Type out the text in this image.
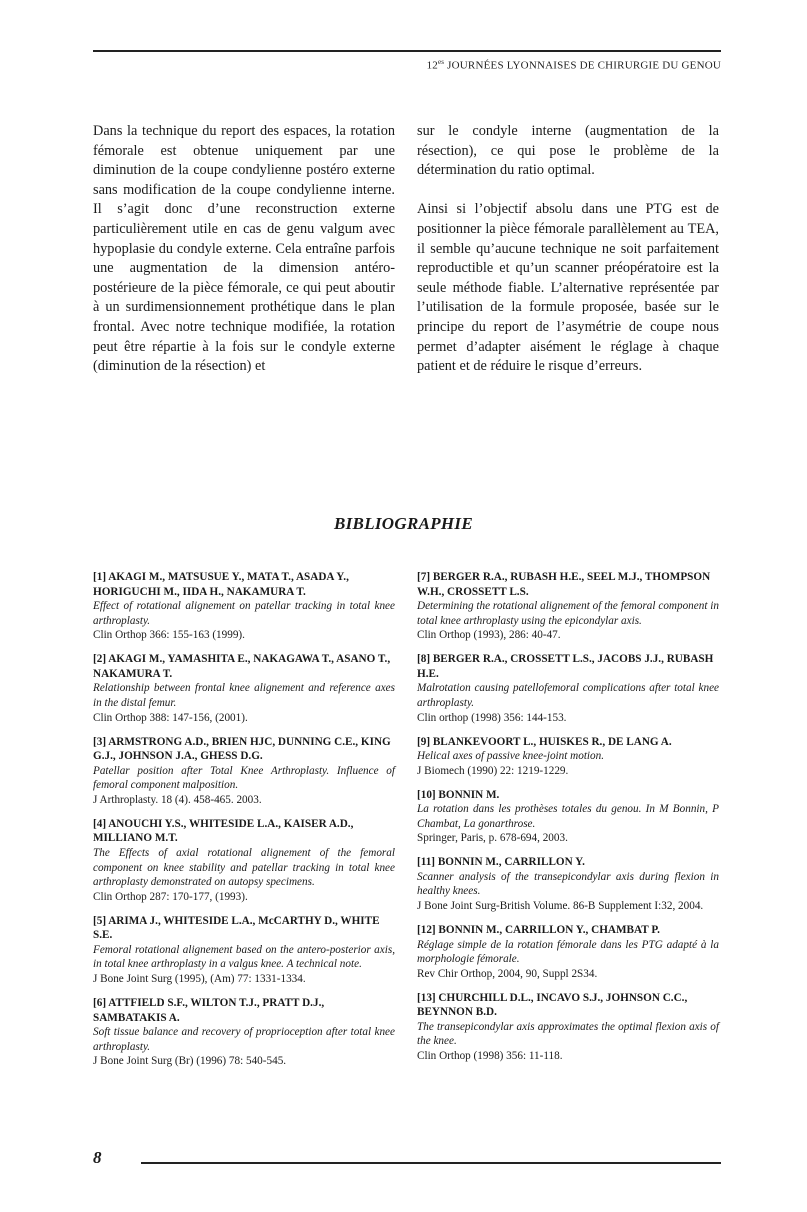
$12^{es}$ JOURNÉES LYONNAISES DE CHIRURGIE DU GENOU

Dans la technique du report des espaces, la rotation fémorale est obtenue uniquement par une diminution de la coupe condylienne postéro externe sans modification de la coupe condylienne interne. Il s’agit donc d’une reconstruction externe particulièrement utile en cas de genu valgum avec hypoplasie du condyle externe. Cela entraîne parfois une augmentation de la dimension antéro-postérieure de la pièce fémorale, ce qui peut aboutir à un surdimensionnement prothétique dans le plan frontal. Avec notre technique modifiée, la rotation peut être répartie à la fois sur le condyle externe (diminution de la résection) et

sur le condyle interne (augmentation de la résection), ce qui pose le problème de la détermination du ratio optimal.

Ainsi si l’objectif absolu dans une PTG est de positionner la pièce fémorale parallèlement au TEA, il semble qu’aucune technique ne soit parfaitement reproductible et qu’un scanner préopératoire est la seule méthode fiable. L’alternative représentée par l’utilisation de la formule proposée, basée sur le principe du report de l’asymétrie de coupe nous permet d’adapter aisément le réglage à chaque patient et de réduire le risque d’erreurs.

BIBLIOGRAPHIE
[1] AKAGI M., MATSUSUE Y., MATA T., ASADA Y., HORIGUCHI M., IIDA H., NAKAMURA T.
Effect of rotational alignement on patellar tracking in total knee arthroplasty.
Clin Orthop 366: 155-163 (1999).
[2] AKAGI M., YAMASHITA E., NAKAGAWA T., ASANO T., NAKAMURA T.
Relationship between frontal knee alignement and reference axes in the distal femur.
Clin Orthop 388: 147-156, (2001).
[3] ARMSTRONG A.D., BRIEN HJC, DUNNING C.E., KING G.J., JOHNSON J.A., GHESS D.G.
Patellar position after Total Knee Arthroplasty. Influence of femoral component malposition.
J Arthroplasty. 18 (4). 458-465. 2003.
[4] ANOUCHI Y.S., WHITESIDE L.A., KAISER A.D., MILLIANO M.T.
The Effects of axial rotational alignement of the femoral component on knee stability and patellar tracking in total knee arthroplasty demonstrated on autopsy specimens.
Clin Orthop 287: 170-177, (1993).
[5] ARIMA J., WHITESIDE L.A., McCARTHY D., WHITE S.E.
Femoral rotational alignement based on the antero-posterior axis, in total knee arthroplasty in a valgus knee. A technical note.
J Bone Joint Surg (1995), (Am) 77: 1331-1334.
[6] ATTFIELD S.F., WILTON T.J., PRATT D.J., SAMBATAKIS A.
Soft tissue balance and recovery of proprioception after total knee arthroplasty.
J Bone Joint Surg (Br) (1996) 78: 540-545.
[7] BERGER R.A., RUBASH H.E., SEEL M.J., THOMPSON W.H., CROSSETT L.S.
Determining the rotational alignement of the femoral component in total knee arthroplasty using the epicondylar axis.
Clin Orthop (1993), 286: 40-47.
[8] BERGER R.A., CROSSETT L.S., JACOBS J.J., RUBASH H.E.
Malrotation causing patellofemoral complications after total knee arthroplasty.
Clin orthop (1998) 356: 144-153.
[9] BLANKEVOORT L., HUISKES R., DE LANG A.
Helical axes of passive knee-joint motion.
J Biomech (1990) 22: 1219-1229.
[10] BONNIN M.
La rotation dans les prothèses totales du genou. In M Bonnin, P Chambat, La gonarthrose.
Springer, Paris, p. 678-694, 2003.
[11] BONNIN M., CARRILLON Y.
Scanner analysis of the transepicondylar axis during flexion in healthy knees.
J Bone Joint Surg-British Volume. 86-B Supplement I:32, 2004.
[12] BONNIN M., CARRILLON Y., CHAMBAT P.
Réglage simple de la rotation fémorale dans les PTG adapté à la morphologie fémorale.
Rev Chir Orthop, 2004, 90, Suppl 2S34.
[13] CHURCHILL D.L., INCAVO S.J., JOHNSON C.C., BEYNNON B.D.
The transepicondylar axis approximates the optimal flexion axis of the knee.
Clin Orthop (1998) 356: 11-118.
8
